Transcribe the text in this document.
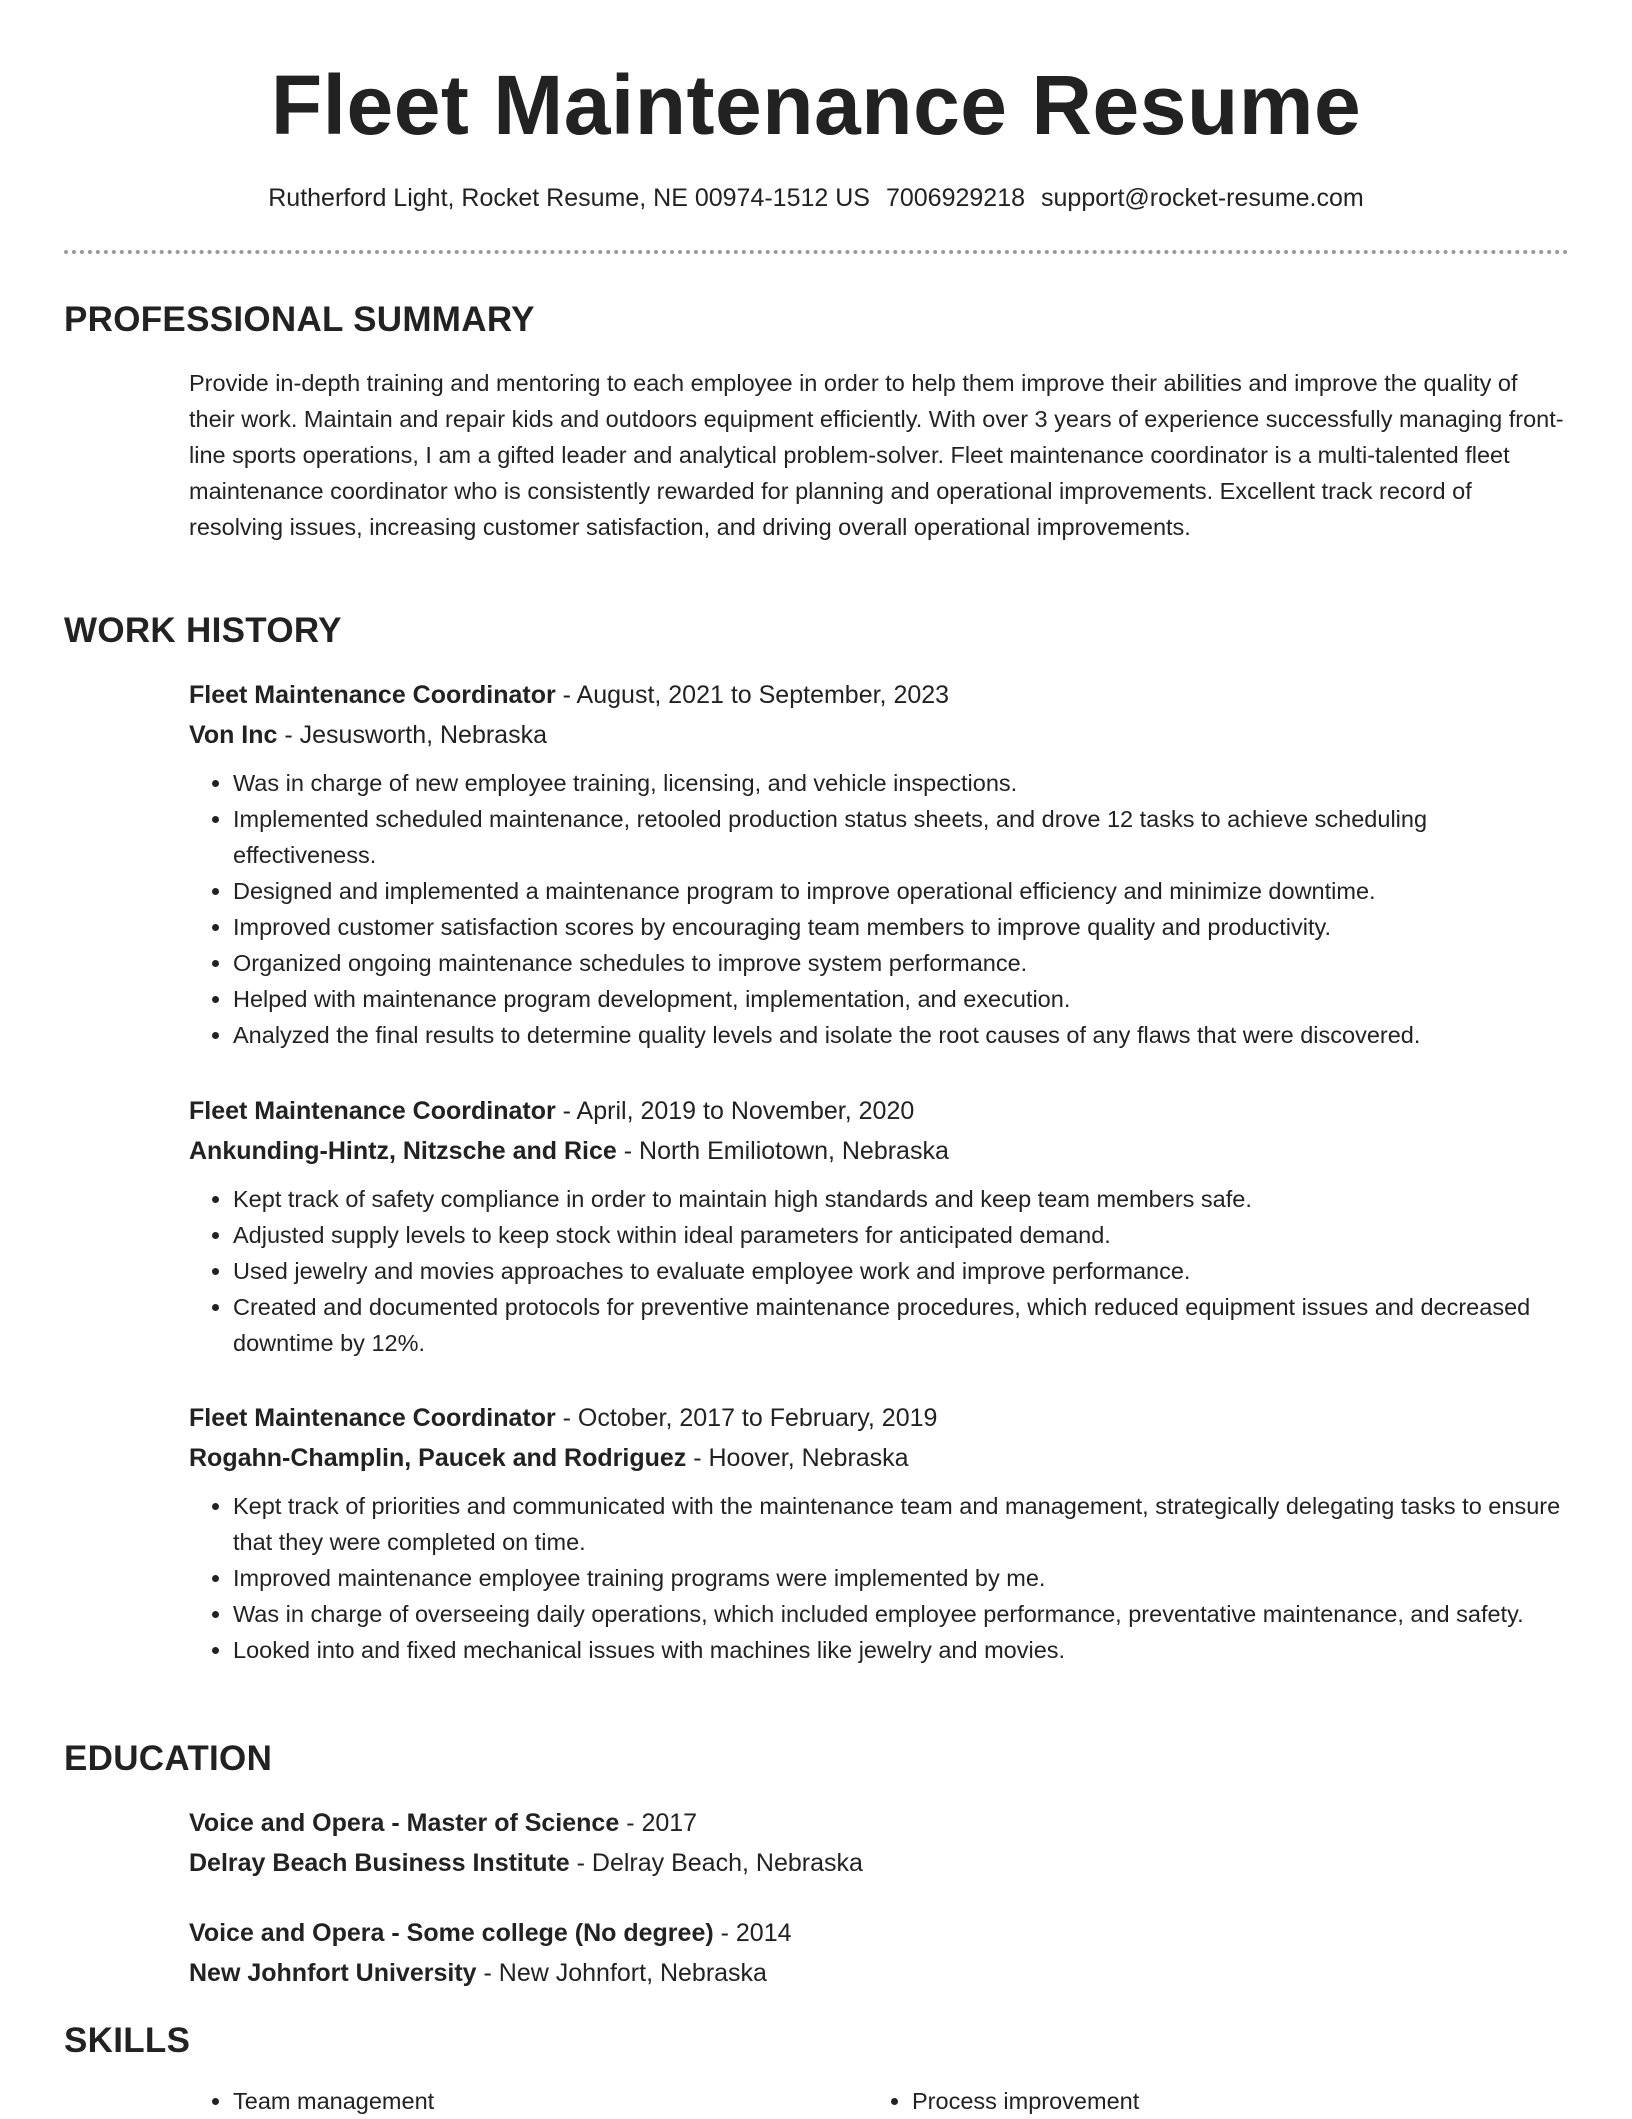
Fleet Maintenance Resume
Rutherford Light, Rocket Resume, NE 00974-1512 US 7006929218 support@rocket-resume.com
PROFESSIONAL SUMMARY

Provide in-depth training and mentoring to each employee in order to help them improve their abilities and improve the quality of their work. Maintain and repair kids and outdoors equipment efficiently. With over 3 years of experience successfully managing front-line sports operations, I am a gifted leader and analytical problem-solver. Fleet maintenance coordinator is a multi-talented fleet maintenance coordinator who is consistently rewarded for planning and operational improvements. Excellent track record of resolving issues, increasing customer satisfaction, and driving overall operational improvements.

WORK HISTORY

Fleet Maintenance Coordinator - August, 2021 to September, 2023

Von Inc - Jesusworth, Nebraska

• Was in charge of new employee training, licensing, and vehicle inspections.
• Implemented scheduled maintenance, retooled production status sheets, and drove 12 tasks to achieve scheduling effectiveness.
• Designed and implemented a maintenance program to improve operational efficiency and minimize downtime.
• Improved customer satisfaction scores by encouraging team members to improve quality and productivity.
• Organized ongoing maintenance schedules to improve system performance.
• Helped with maintenance program development, implementation, and execution.
• Analyzed the final results to determine quality levels and isolate the root causes of any flaws that were discovered.

Fleet Maintenance Coordinator - April, 2019 to November, 2020

Ankunding-Hintz, Nitzsche and Rice - North Emiliotown, Nebraska

• Kept track of safety compliance in order to maintain high standards and keep team members safe.
• Adjusted supply levels to keep stock within ideal parameters for anticipated demand.
• Used jewelry and movies approaches to evaluate employee work and improve performance.
• Created and documented protocols for preventive maintenance procedures, which reduced equipment issues and decreased downtime by 12%.

Fleet Maintenance Coordinator - October, 2017 to February, 2019

Rogahn-Champlin, Paucek and Rodriguez - Hoover, Nebraska

• Kept track of priorities and communicated with the maintenance team and management, strategically delegating tasks to ensure that they were completed on time.
• Improved maintenance employee training programs were implemented by me.
• Was in charge of overseeing daily operations, which included employee performance, preventative maintenance, and safety.
• Looked into and fixed mechanical issues with machines like jewelry and movies.
EDUCATION

Voice and Opera - Master of Science - 2017

Delray Beach Business Institute - Delray Beach, Nebraska

Voice and Opera - Some college (No degree) - 2014

New Johnfort University - New Johnfort, Nebraska

SKILLS
• Team management
•	Process improvement
